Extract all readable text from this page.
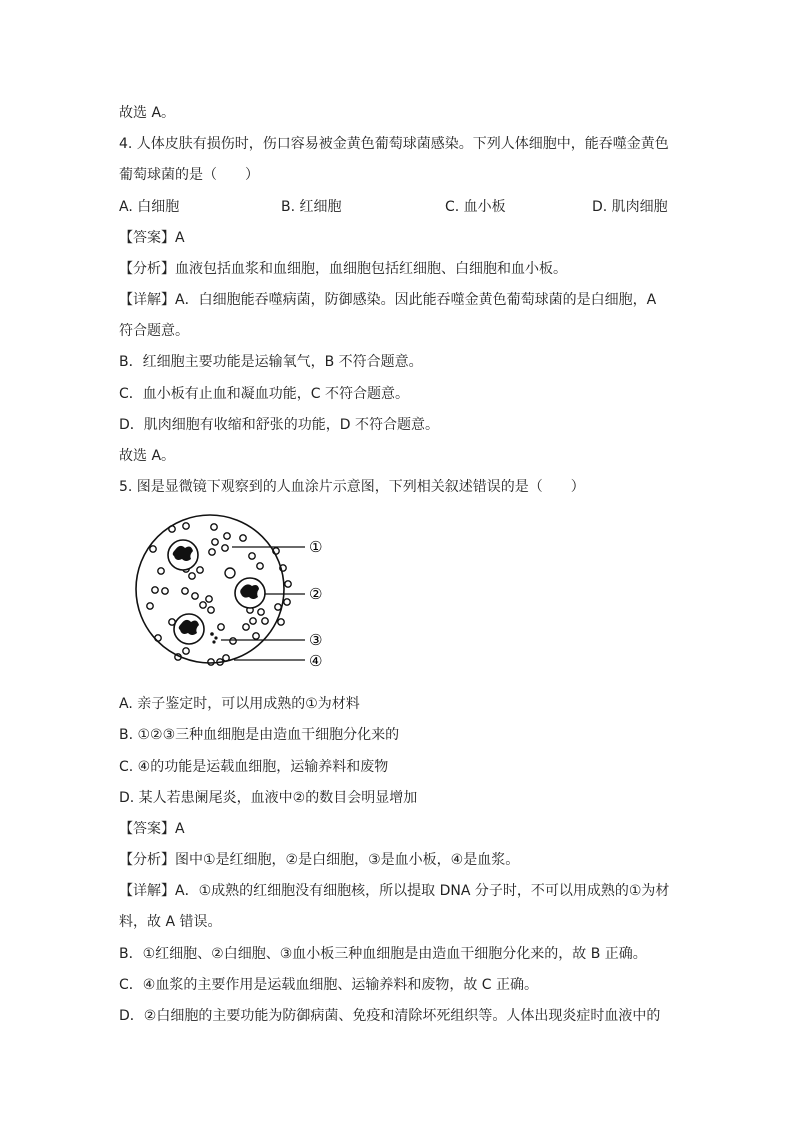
故选 A。
4. 人体皮肤有损伤时，伤口容易被金黄色葡萄球菌感染。下列人体细胞中，能吞噬金黄色
葡萄球菌的是（　　）
A. 白细胞	B. 红细胞	C. 血小板	D. 肌肉细胞
【答案】A
【分析】血液包括血浆和血细胞，血细胞包括红细胞、白细胞和血小板。
【详解】A．白细胞能吞噬病菌，防御感染。因此能吞噬金黄色葡萄球菌的是白细胞，A
符合题意。
B．红细胞主要功能是运输氧气，B 不符合题意。
C．血小板有止血和凝血功能，C 不符合题意。
D．肌肉细胞有收缩和舒张的功能，D 不符合题意。
故选 A。
5. 图是显微镜下观察到的人血涂片示意图，下列相关叙述错误的是（　　）
①
②
③
④
A. 亲子鉴定时，可以用成熟的①为材料
B. ①②③三种血细胞是由造血干细胞分化来的
C. ④的功能是运载血细胞，运输养料和废物
D. 某人若患阑尾炎，血液中②的数目会明显增加
【答案】A
【分析】图中①是红细胞，②是白细胞，③是血小板，④是血浆。
【详解】A．①成熟的红细胞没有细胞核，所以提取 DNA 分子时，不可以用成熟的①为材
料，故 A 错误。
B．①红细胞、②白细胞、③血小板三种血细胞是由造血干细胞分化来的，故 B 正确。
C．④血浆的主要作用是运载血细胞、运输养料和废物，故 C 正确。
D．②白细胞的主要功能为防御病菌、免疫和清除坏死组织等。人体出现炎症时血液中的
